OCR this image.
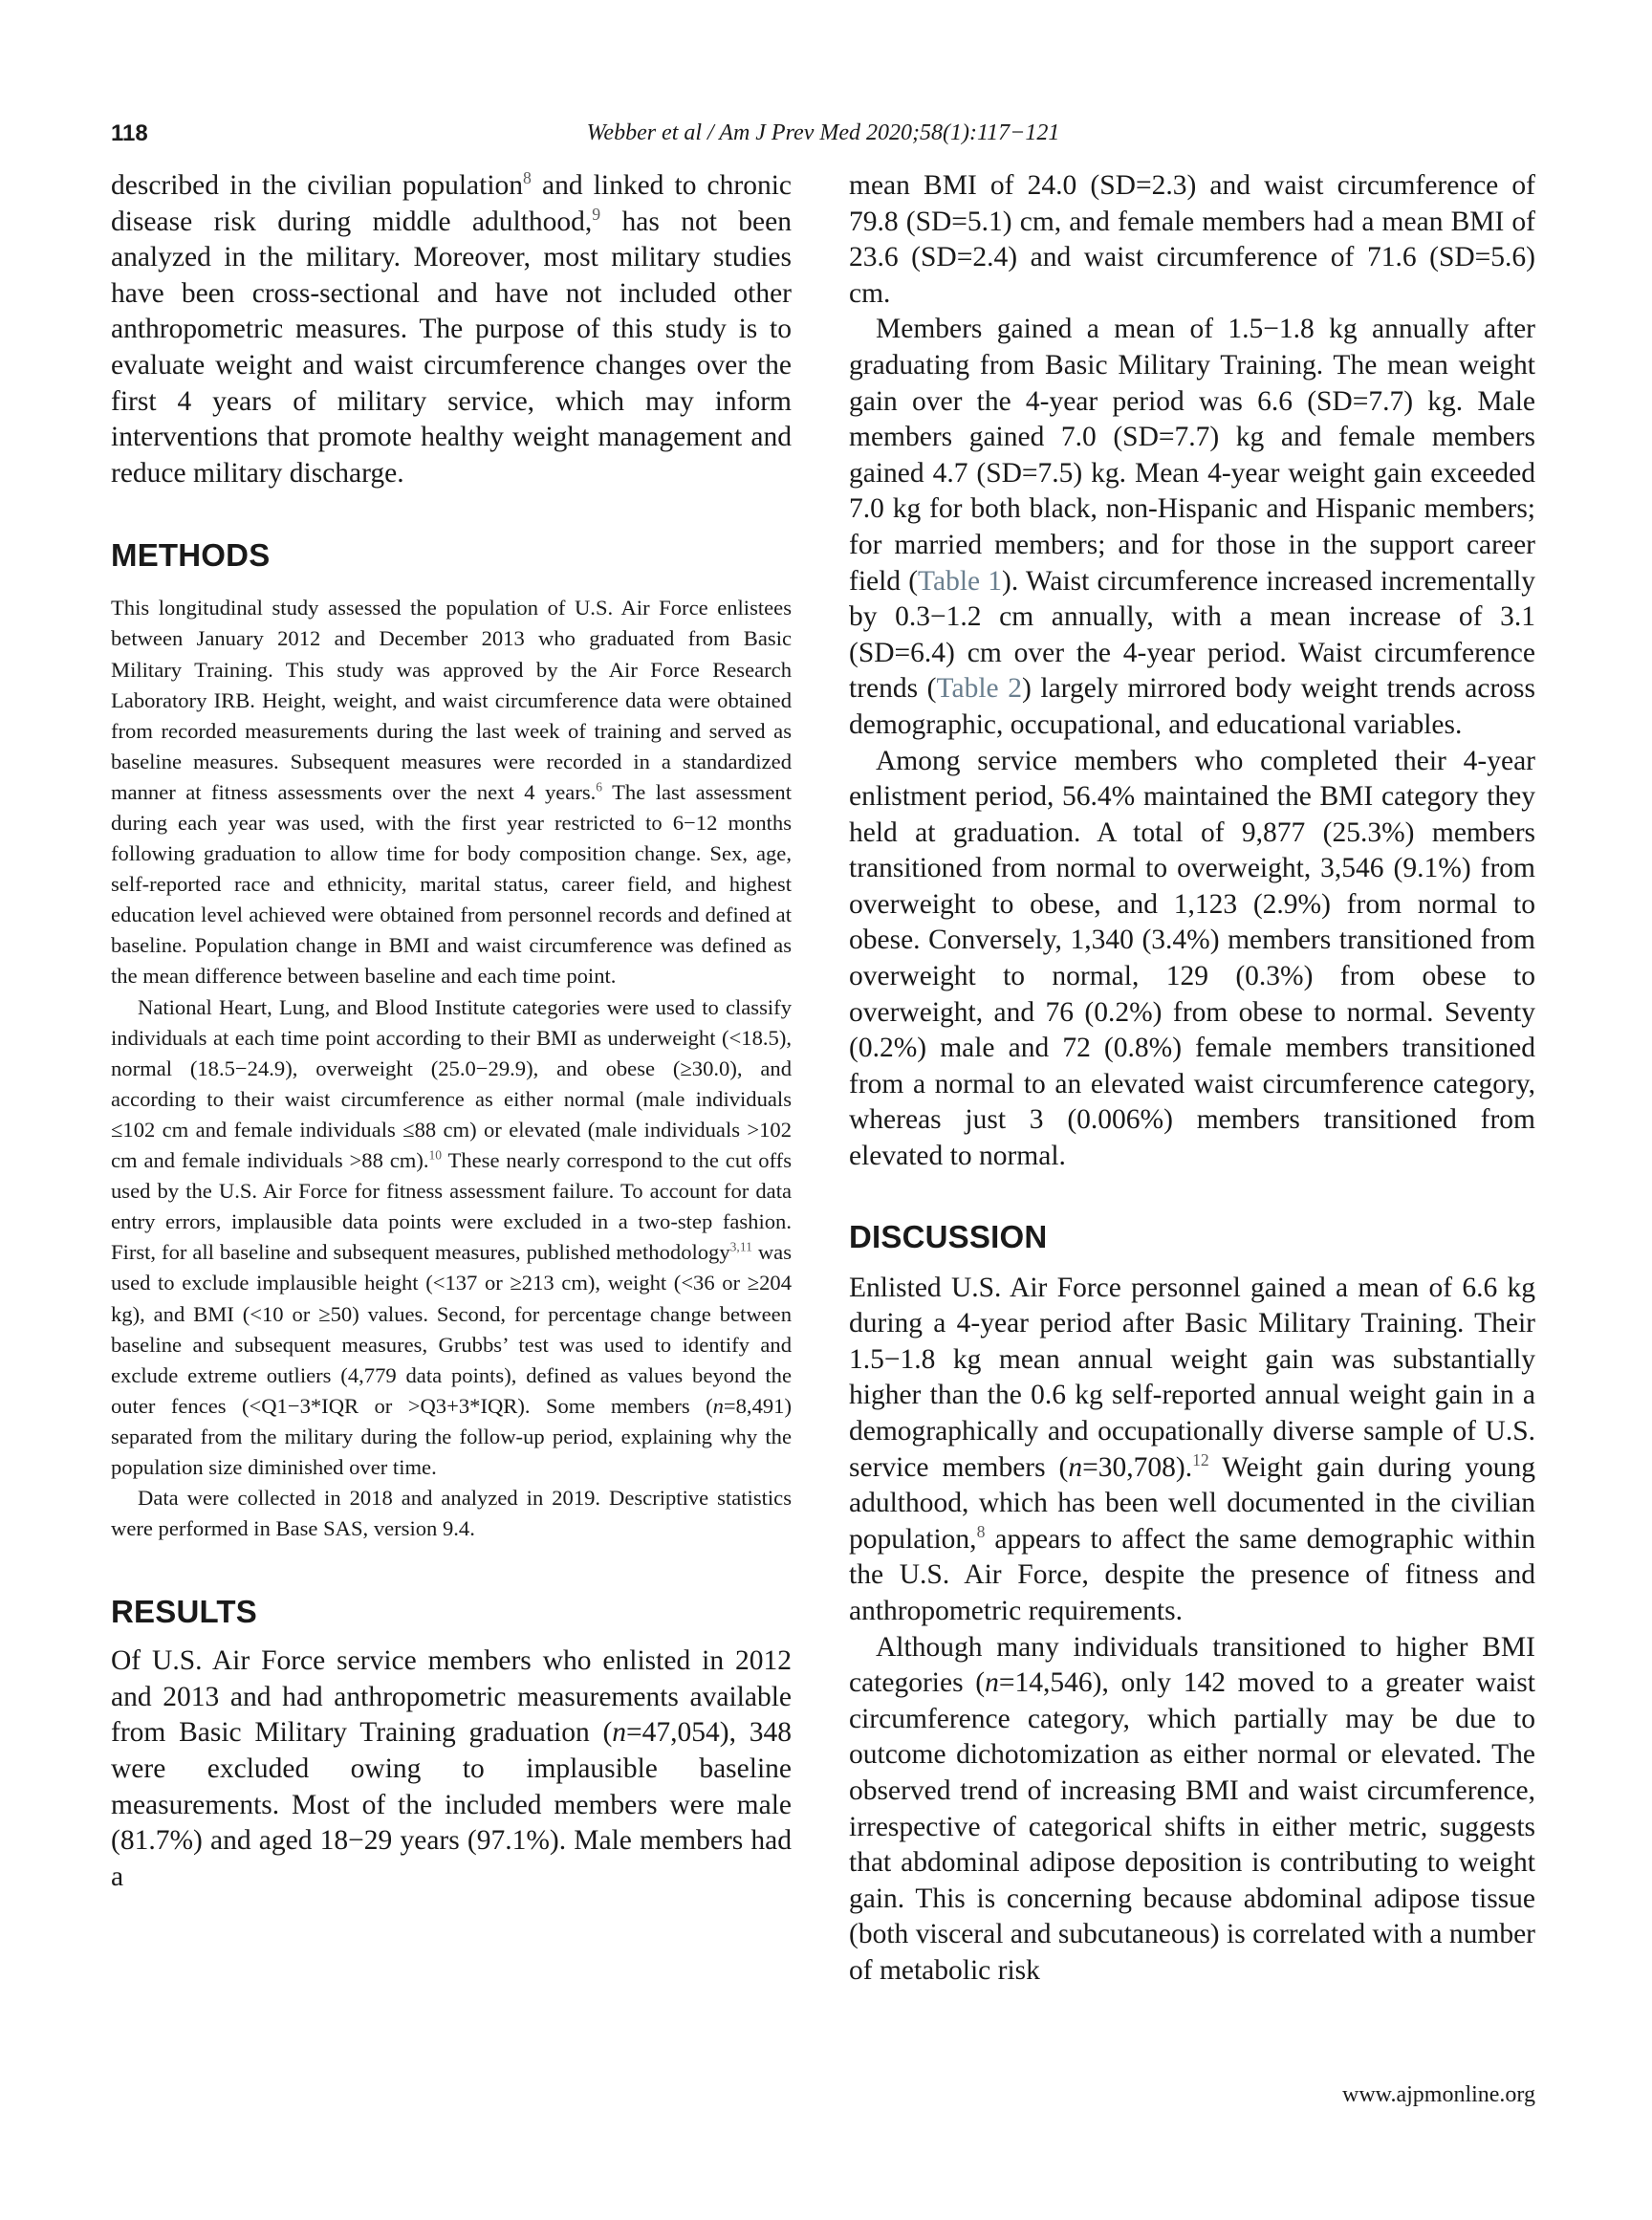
118	Webber et al / Am J Prev Med 2020;58(1):117−121

described in the civilian population$^8$ and linked to chronic disease risk during middle adulthood,$^9$ has not been analyzed in the military. Moreover, most military studies have been cross-sectional and have not included other anthropometric measures. The purpose of this study is to evaluate weight and waist circumference changes over the first 4 years of military service, which may inform interventions that promote healthy weight management and reduce military discharge.

METHODS

This longitudinal study assessed the population of U.S. Air Force enlistees between January 2012 and December 2013 who graduated from Basic Military Training. This study was approved by the Air Force Research Laboratory IRB. Height, weight, and waist circumference data were obtained from recorded measurements during the last week of training and served as baseline measures. Subsequent measures were recorded in a standardized manner at fitness assessments over the next 4 years.$^6$ The last assessment during each year was used, with the first year restricted to 6−12 months following graduation to allow time for body composition change. Sex, age, self-reported race and ethnicity, marital status, career field, and highest education level achieved were obtained from personnel records and defined at baseline. Population change in BMI and waist circumference was defined as the mean difference between baseline and each time point.

National Heart, Lung, and Blood Institute categories were used to classify individuals at each time point according to their BMI as underweight (<18.5), normal (18.5−24.9), overweight (25.0−29.9), and obese (≥30.0), and according to their waist circumference as either normal (male individuals ≤102 cm and female individuals ≤88 cm) or elevated (male individuals >102 cm and female individuals >88 cm).$^{10}$ These nearly correspond to the cut offs used by the U.S. Air Force for fitness assessment failure. To account for data entry errors, implausible data points were excluded in a two-step fashion. First, for all baseline and subsequent measures, published methodology$^{3,11}$ was used to exclude implausible height (<137 or ≥213 cm), weight (<36 or ≥204 kg), and BMI (<10 or ≥50) values. Second, for percentage change between baseline and subsequent measures, Grubbs’ test was used to identify and exclude extreme outliers (4,779 data points), defined as values beyond the outer fences (<Q1−3*IQR or >Q3+3*IQR). Some members (n=8,491) separated from the military during the follow-up period, explaining why the population size diminished over time.

Data were collected in 2018 and analyzed in 2019. Descriptive statistics were performed in Base SAS, version 9.4.

RESULTS

Of U.S. Air Force service members who enlisted in 2012 and 2013 and had anthropometric measurements available from Basic Military Training graduation (n=47,054), 348 were excluded owing to implausible baseline measurements. Most of the included members were male (81.7%) and aged 18−29 years (97.1%). Male members had a

mean BMI of 24.0 (SD=2.3) and waist circumference of 79.8 (SD=5.1) cm, and female members had a mean BMI of 23.6 (SD=2.4) and waist circumference of 71.6 (SD=5.6) cm.

Members gained a mean of 1.5−1.8 kg annually after graduating from Basic Military Training. The mean weight gain over the 4-year period was 6.6 (SD=7.7) kg. Male members gained 7.0 (SD=7.7) kg and female members gained 4.7 (SD=7.5) kg. Mean 4-year weight gain exceeded 7.0 kg for both black, non-Hispanic and Hispanic members; for married members; and for those in the support career field (Table 1). Waist circumference increased incrementally by 0.3−1.2 cm annually, with a mean increase of 3.1 (SD=6.4) cm over the 4-year period. Waist circumference trends (Table 2) largely mirrored body weight trends across demographic, occupational, and educational variables.

Among service members who completed their 4-year enlistment period, 56.4% maintained the BMI category they held at graduation. A total of 9,877 (25.3%) members transitioned from normal to overweight, 3,546 (9.1%) from overweight to obese, and 1,123 (2.9%) from normal to obese. Conversely, 1,340 (3.4%) members transitioned from overweight to normal, 129 (0.3%) from obese to overweight, and 76 (0.2%) from obese to normal. Seventy (0.2%) male and 72 (0.8%) female members transitioned from a normal to an elevated waist circumference category, whereas just 3 (0.006%) members transitioned from elevated to normal.

DISCUSSION

Enlisted U.S. Air Force personnel gained a mean of 6.6 kg during a 4-year period after Basic Military Training. Their 1.5−1.8 kg mean annual weight gain was substantially higher than the 0.6 kg self-reported annual weight gain in a demographically and occupationally diverse sample of U.S. service members (n=30,708).$^{12}$ Weight gain during young adulthood, which has been well documented in the civilian population,$^8$ appears to affect the same demographic within the U.S. Air Force, despite the presence of fitness and anthropometric requirements.

Although many individuals transitioned to higher BMI categories (n=14,546), only 142 moved to a greater waist circumference category, which partially may be due to outcome dichotomization as either normal or elevated. The observed trend of increasing BMI and waist circumference, irrespective of categorical shifts in either metric, suggests that abdominal adipose deposition is contributing to weight gain. This is concerning because abdominal adipose tissue (both visceral and subcutaneous) is correlated with a number of metabolic risk

www.ajpmonline.org
